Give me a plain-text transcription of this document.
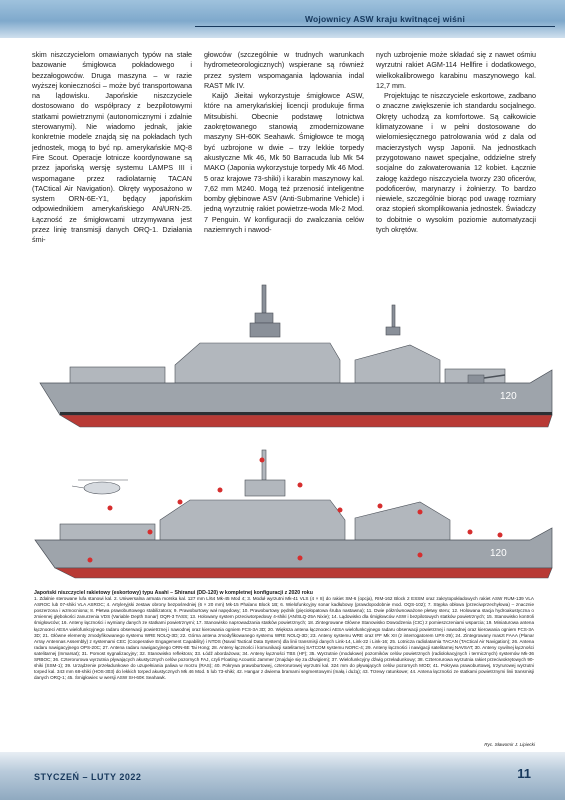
Wojownicy ASW kraju kwitnącej wiśni

skim niszczycielom omawianych typów na stałe bazowanie śmigłowca pokładowego i bezzałogowców. Druga maszyna – w razie wyższej konieczności – może być transportowana na lądowisku. Japońskie niszczyciele dostosowano do współpracy z bezpilotowymi statkami powietrznymi (autonomicznymi i zdalnie sterowanymi). Nie wiadomo jednak, jakie konkretnie modele znajdą się na pokładach tych jednostek, mogą to być np. amerykańskie MQ-8 Fire Scout. Operacje lotnicze koordynowane są przez japońską wersję systemu LAMPS III i wspomagane przez radiolatarnię TACAN (TACtical Air Navigation). Okręty wyposażono w system ORN-6E-Y1, będący japońskim odpowiednikiem amerykańskiego AN/URN-25. Łączność ze śmigłowcami utrzymywana jest przez linię transmisji danych ORQ-1. Działania śmi-

głowców (szczególnie w trudnych warunkach hydrometeorologicznych) wspierane są również przez system wspomagania lądowania indal RAST Mk IV.

Kaijō Jieitai wykorzystuje śmigłowce ASW, które na amerykańskiej licencji produkuje firma Mitsubishi. Obecnie podstawę lotnictwa zaokrętowanego stanowią zmodernizowane maszyny SH-60K Seahawk. Śmigłowce te mogą być uzbrojone w dwie – trzy lekkie torpedy akustyczne Mk 46, Mk 50 Barracuda lub Mk 54 MAKO (Japonia wykorzystuje torpedy Mk 46 Mod. 5 oraz krajowe 73-shiki) i karabin maszynowy kal. 7,62 mm M240. Mogą też przenosić inteligentne bomby głębinowe ASV (Anti-Submarine Vehicle) i jedną wyrzutnię rakiet powietrze-woda Mk-2 Mod. 7 Penguin. W konfiguracji do zwalczania celów naziemnych i nawod-

nych uzbrojenie może składać się z nawet ośmiu wyrzutni rakiet AGM-114 Hellfire i dodatkowego, wielkokalibrowego karabinu maszynowego kal. 12,7 mm.

Projektując te niszczyciele eskortowe, zadbano o znaczne zwiększenie ich standardu socjalnego. Okręty uchodzą za komfortowe. Są całkowicie klimatyzowane i w pełni dostosowane do wielomiesięcznego patrolowania wód z dala od macierzystych wysp Japonii. Na jednostkach przygotowano nawet specjalne, oddzielne strefy socjalne do zakwaterowania 12 kobiet. Łącznie załogę każdego niszczyciela tworzy 230 oficerów, podoficerów, marynarzy i żołnierzy. To bardzo niewiele, szczególnie biorąc pod uwagę rozmiary oraz stopień skomplikowania jednostek. Świadczy to dobitnie o wysokim poziomie automatyzacji tych okrętów.

120
120
Japoński niszczyciel rakietowy (eskortowy) typu Asahi – Shiranui (DD-120) w kompletnej konfiguracji z 2020 roku
1. Zdalnie sterowane lufa stanowi kal. 2. Uniwersalna armata morska kal. 127 mm L/64 Mk-45 Mod 4; 3. Moduł wyrzutni Mk-41 VLS (4 × 8) do rakiet SM-6 (opcja), RIM-162 Block 2 ESSM oraz zakrytopokładowych rakiet ASW RUM-139 VLA ASROC lub 07-shiki VLA ASROC; 4. Artyleryjski zestaw obrony bezpośredniej (6 × 20 mm) Mk-15 Phalanx Block 1B; 6. Wielofunkcyjny sonar kadłubowy (prawdopodobnie mod. OQS-102); 7. Stępka obłowa (przeciwprzechyłowa) – znacznie poszerzona i wzmocniona; 8. Płetwa prawoburtowego stabilizatora; 9. Prawoburtowy wał napędowy; 10. Prawoburtowy pędnik (pięciołopatowa śruba nastawna); 11. Dwie półzrównoważone płetwy steru; 12. Holowana stacja hydroakustyczna o zmiennej głębokości zanurzenia VDS (Variable Depth Sonar) OQR-3 TASS; 13. Holowany system przeciwtorpedowy 4-shiki (AN/SLQ-25A Nixie); 14. Lądowisko dla śmigłowców ASW i bezpilotowych statków powietrznych; 15. Stanowisko kontroli śmigłowców; 16. Anteny łączności i wymiany danych ze statkami powietrznymi; 17. Stanowisko naprowadzania statków powietrznych; 18. Zintegrowane Główne Stanowisko Dowodzenia (CIC) z pomieszczeniami wsparcia; 19. Miniaturowa antena łącznoœci AESA wielofunkcyjnego radaru obserwacji powietrznej i nawodnej oraz kierowania ogniem FCS-3A 3D; 20. Większa antena łącznoœci AESA wielofunkcyjnego radaru obserwacji powietrznej i nawodnej oraz kierowania ogniem FCS-3A 3D; 21. Główne elementy zmodyfikowanego systemu WRE NOLQ-3D; 22. Górna antena zmodyfikowanego systemu WRE NOLQ-3D; 23. Anteny systemu WRE oraz IFF Mk XII (z interrogatorem UPX-29); 24. Zintegrowany maszt FAAA (Planar Array Antennas Assembly) z systemami CEC (Cooperative Engagement Capability) i NTDS (Naval Tactical Data System) dla linii transmisji danych Link-14, Link-22 i Link-16; 25. Lotnicza radiolatarnia TACAN (TACtical Air Navigation); 26. Antena radaru nawigacyjnego OPS-20C; 27. Antena radaru nawigacyjnego ORN-6E Tai Hong; 28. Anteny łączności i komunikacji satelitarnej SATCOM systemu NORC-4; 29. Anteny łączności i nawigacji satelitarnej NAVSAT; 30. Anteny cywilnej łączności satelitarnej (Inmarsat); 31. Pomost sygnalizacyjny; 32. Stanowisko reflektora; 33. Łódź abordażowa; 34. Anteny łączności TBS (HF); 35. Wyrzutnie (modułowe) pozorników celów powietrznych (radiolokacyjnych i termicznych) systemów Mk-36 SRBOC; 36. Czterorurowa wyrzutnia pływających akustycznych celów pozornych FAJ, czyli Floating Acoustic Jammer (znajduje się za dźwigiem); 37. Wielofunkcyjny dźwig przeładunkowy; 38. Czterorurowa wyrzutnia rakiet przeciwokrętowych 90-shiki (SSM-1); 39. Urządzenie przeładunkowe do uzupełniania paliwa w morzu (RAS); 40. Pokrywa prawoburtowej, czterorurowej wyrzutni kal. 324 mm do pływających celów pozornych MOD; 41. Pokrywa prawoburtowej, trzyrurowej wyrzutni torped kal. 343 mm 68-shiki (HOS-303) do lekkich torped akustycznych Mk 46 Mod. 5 lub 73-shiki; 42. Hangar z dwiema bramami segmentowymi (małą i dużą); 43. Trzewy ratunkowe; 44. Antena łączności ze statkami powietrznymi linii transmisji danych ORQ-1; 45. Śmigłowiec w wersji ASW SH-60K Seahawk.
Ryc. Sławomir J. Lipiecki
STYCZEŃ – LUTY 2022	11
